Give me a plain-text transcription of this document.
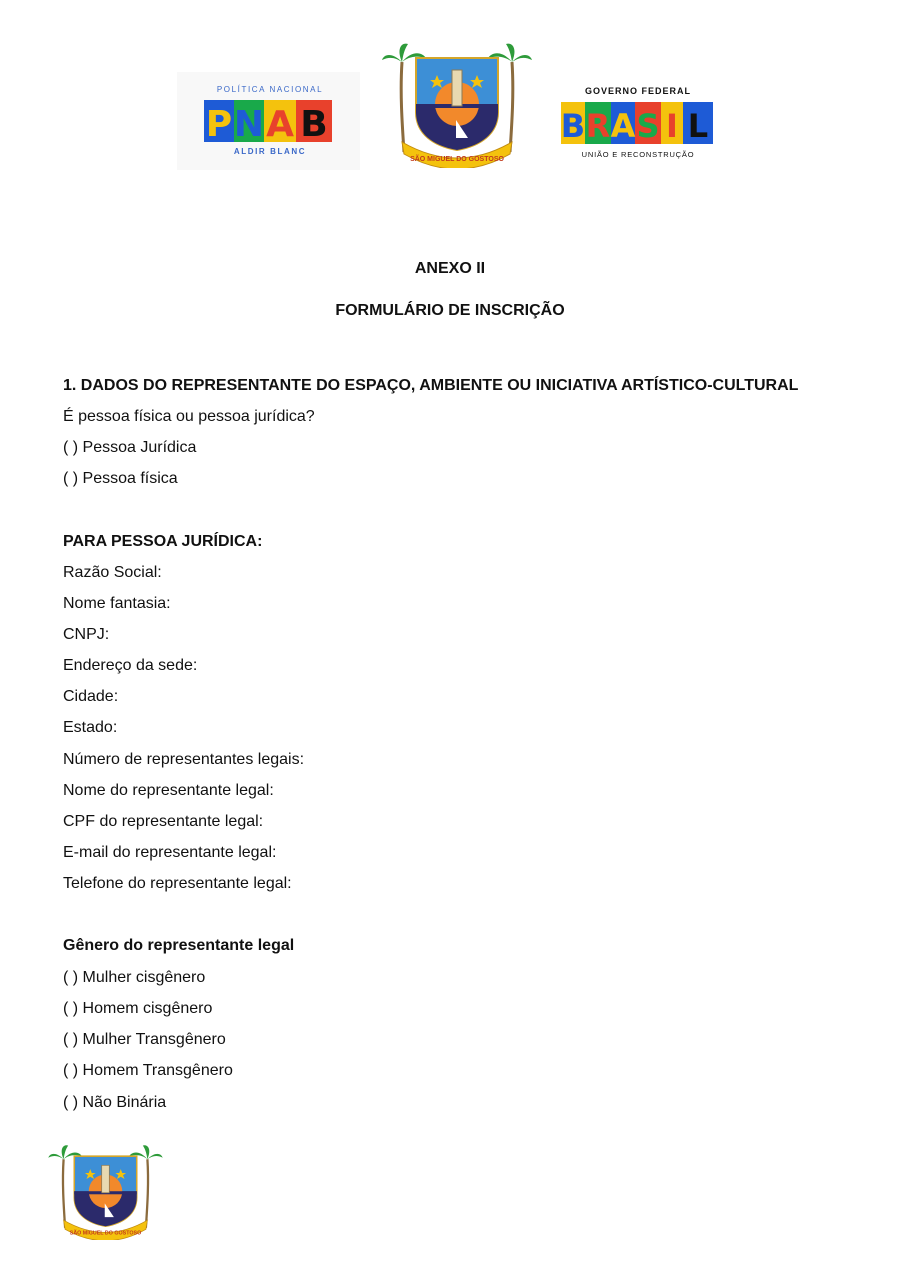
POLÍTICA NACIONAL
P N A B
ALDIR BLANC
SÃO MIGUEL DO GOSTOSO
GOVERNO FEDERAL
B R A S I L
UNIÃO E RECONSTRUÇÃO
ANEXO II
FORMULÁRIO DE INSCRIÇÃO
1. DADOS DO REPRESENTANTE DO ESPAÇO, AMBIENTE OU INICIATIVA ARTÍSTICO-CULTURAL
É pessoa física ou pessoa jurídica?
( ) Pessoa Jurídica
( ) Pessoa física
PARA PESSOA JURÍDICA:
Razão Social:
Nome fantasia:
CNPJ:
Endereço da sede:
Cidade:
Estado:
Número de representantes legais:
Nome do representante legal:
CPF do representante legal:
E-mail do representante legal:
Telefone do representante legal:
Gênero do representante legal
( ) Mulher cisgênero
( ) Homem cisgênero
( ) Mulher Transgênero
( ) Homem Transgênero
( ) Não Binária
SÃO MIGUEL DO GOSTOSO
